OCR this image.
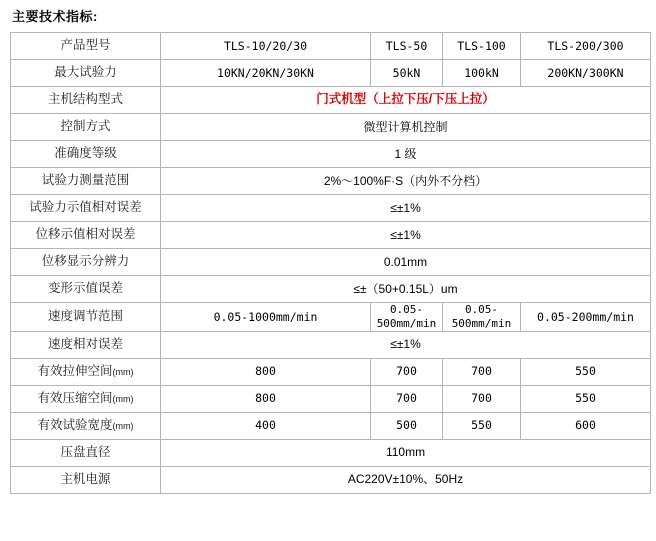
主要技术指标:
产品型号	TLS-10/20/30	TLS-50	TLS-100	TLS-200/300
最大试验力	10KN/20KN/30KN	50kN	100kN	200KN/300KN
主机结构型式	门式机型（上拉下压/下压上拉）			
控制方式	微型计算机控制			
准确度等级	1 级			
试验力测量范围	2%～100%F·S（内外不分档）			
试验力示值相对误差	≤±1%			
位移示值相对误差	≤±1%			
位移显示分辨力	0.01mm			
变形示值误差	≤±（50+0.15L）um			
速度调节范围	0.05-1000mm/min	0.05-500mm/min	0.05-500mm/min	0.05-200mm/min
速度相对误差	≤±1%			
有效拉伸空间(mm)	800	700	700	550
有效压缩空间(mm)	800	700	700	550
有效试验宽度(mm)	400	500	550	600
压盘直径	110mm			
主机电源	AC220V±10%、50Hz			
